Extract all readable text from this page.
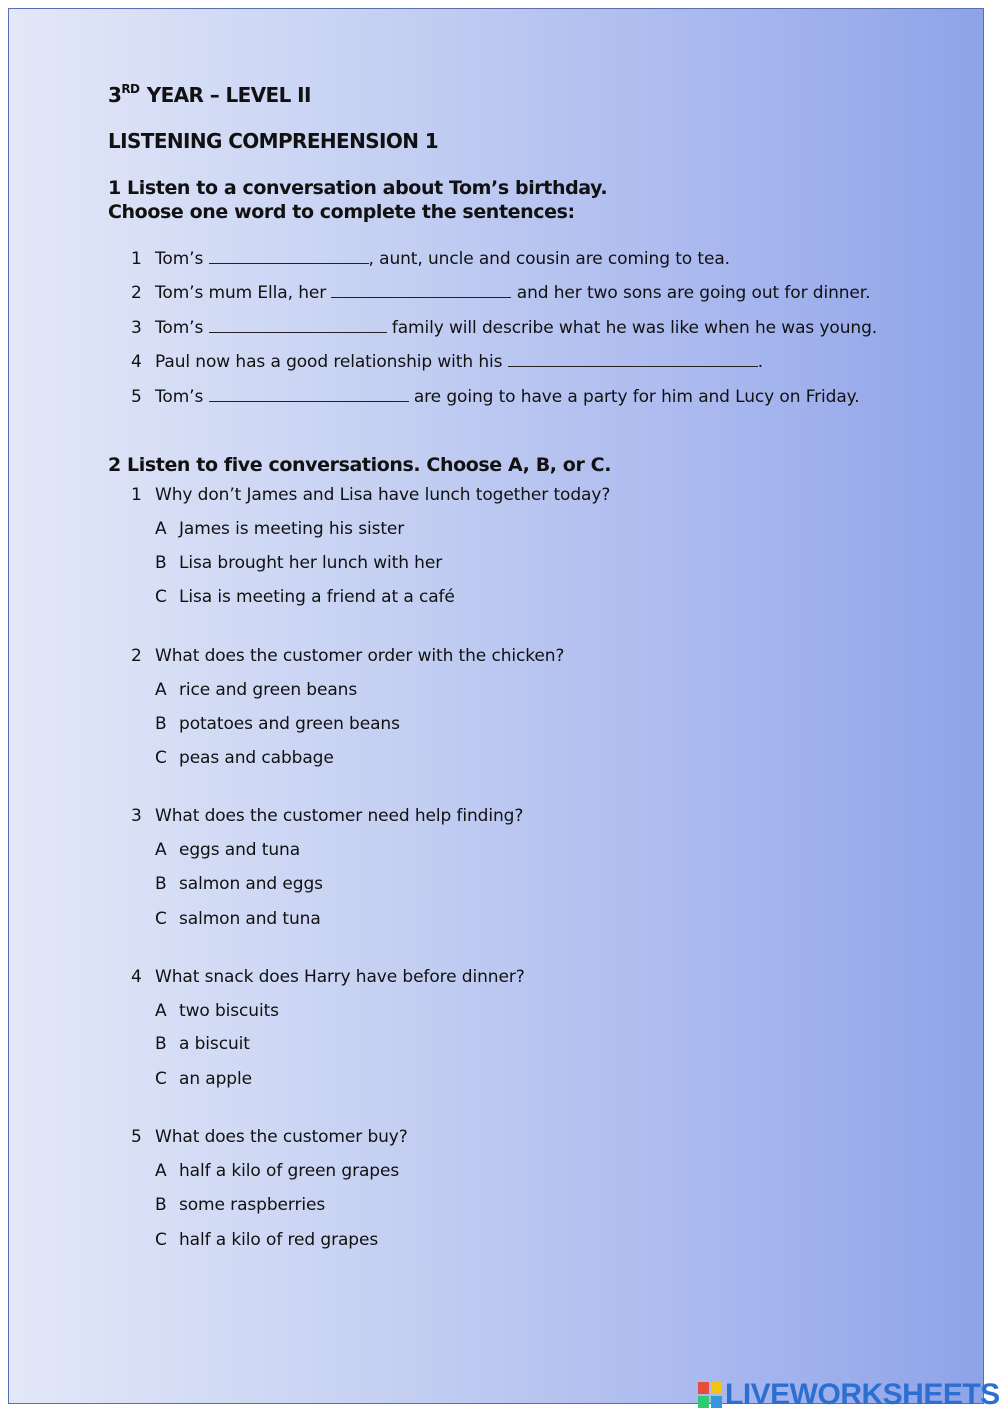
3RD YEAR – LEVEL II
LISTENING COMPREHENSION 1
1 Listen to a conversation about Tom’s birthday.
Choose one word to complete the sentences:
1 Tom’s	, aunt, uncle and cousin are coming to tea.
2 Tom’s mum Ella, her	and her two sons are going out for dinner.
3 Tom’s	family will describe what he was like when he was young.
4 Paul now has a good relationship with his	.
5 Tom’s	are going to have a party for him and Lucy on Friday.
2 Listen to five conversations. Choose A, B, or C.
1 Why don’t James and Lisa have lunch together today?
A James is meeting his sister
B Lisa brought her lunch with her
C Lisa is meeting a friend at a café
2 What does the customer order with the chicken?
A rice and green beans
B potatoes and green beans
C peas and cabbage
3 What does the customer need help finding?
A eggs and tuna
B salmon and eggs
C salmon and tuna
4 What snack does Harry have before dinner?
A two biscuits
B a biscuit
C an apple
5 What does the customer buy?
A half a kilo of green grapes
B some raspberries
C half a kilo of red grapes
LIVEWORKSHEETS
